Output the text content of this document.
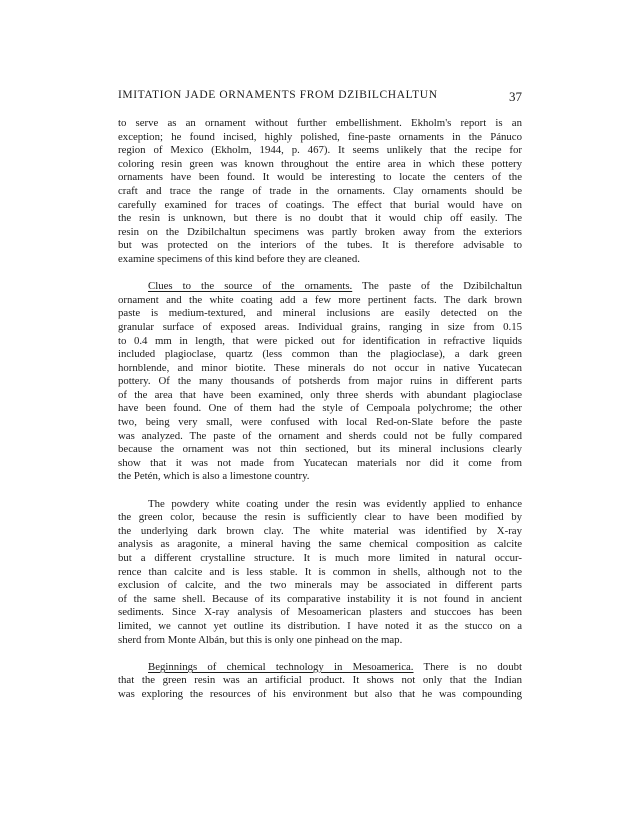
IMITATION JADE ORNAMENTS FROM DZIBILCHALTUN	37
to serve as an ornament without further embellishment. Ekholm's report is an
exception; he found incised, highly polished, fine-paste ornaments in the Pánuco
region of Mexico (Ekholm, 1944, p. 467). It seems unlikely that the recipe for
coloring resin green was known throughout the entire area in which these pottery
ornaments have been found. It would be interesting to locate the centers of the
craft and trace the range of trade in the ornaments. Clay ornaments should be
carefully examined for traces of coatings. The effect that burial would have on
the resin is unknown, but there is no doubt that it would chip off easily. The
resin on the Dzibilchaltun specimens was partly broken away from the exteriors
but was protected on the interiors of the tubes. It is therefore advisable to
examine specimens of this kind before they are cleaned.
Clues to the source of the ornaments. The paste of the Dzibilchaltun
ornament and the white coating add a few more pertinent facts. The dark brown
paste is medium-textured, and mineral inclusions are easily detected on the
granular surface of exposed areas. Individual grains, ranging in size from 0.15
to 0.4 mm in length, that were picked out for identification in refractive liquids
included plagioclase, quartz (less common than the plagioclase), a dark green
hornblende, and minor biotite. These minerals do not occur in native Yucatecan
pottery. Of the many thousands of potsherds from major ruins in different parts
of the area that have been examined, only three sherds with abundant plagioclase
have been found. One of them had the style of Cempoala polychrome; the other
two, being very small, were confused with local Red-on-Slate before the paste
was analyzed. The paste of the ornament and sherds could not be fully compared
because the ornament was not thin sectioned, but its mineral inclusions clearly
show that it was not made from Yucatecan materials nor did it come from
the Petén, which is also a limestone country.
The powdery white coating under the resin was evidently applied to enhance
the green color, because the resin is sufficiently clear to have been modified by
the underlying dark brown clay. The white material was identified by X-ray
analysis as aragonite, a mineral having the same chemical composition as calcite
but a different crystalline structure. It is much more limited in natural occur-
rence than calcite and is less stable. It is common in shells, although not to the
exclusion of calcite, and the two minerals may be associated in different parts
of the same shell. Because of its comparative instability it is not found in ancient
sediments. Since X-ray analysis of Mesoamerican plasters and stuccoes has been
limited, we cannot yet outline its distribution. I have noted it as the stucco on a
sherd from Monte Albán, but this is only one pinhead on the map.
Beginnings of chemical technology in Mesoamerica. There is no doubt
that the green resin was an artificial product. It shows not only that the Indian
was exploring the resources of his environment but also that he was compounding
